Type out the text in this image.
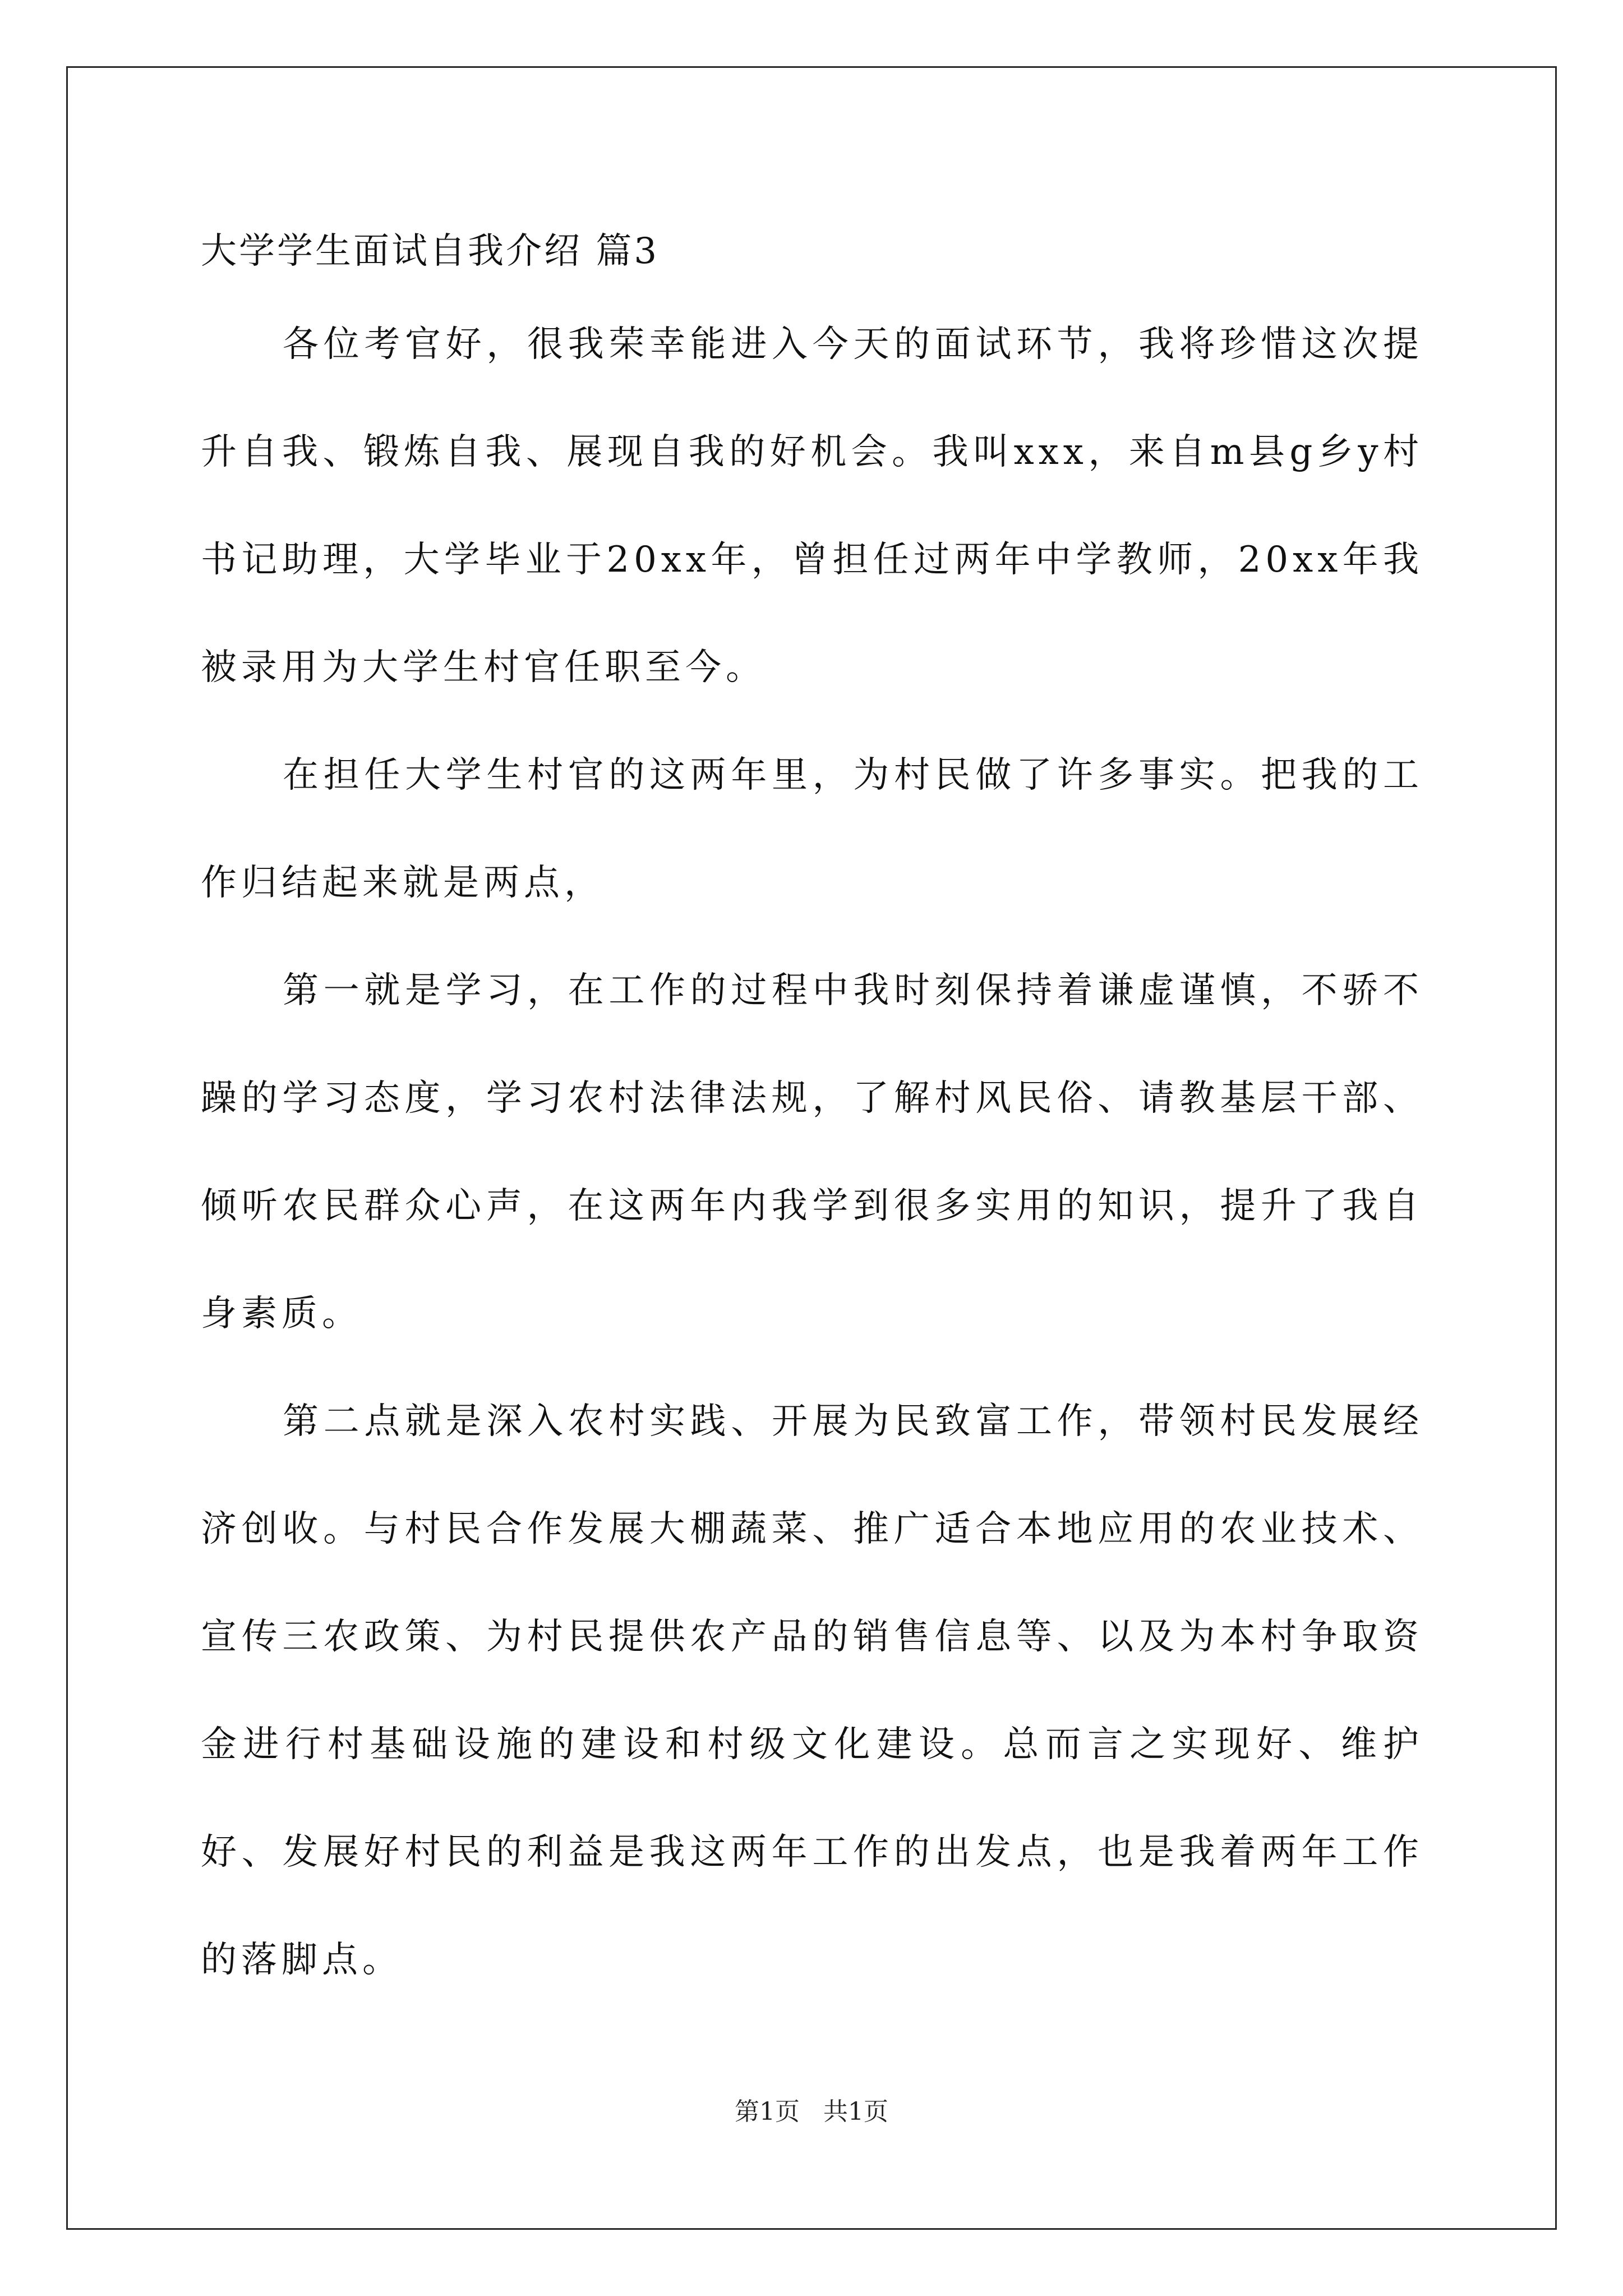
大学学生面试自我介绍 篇3

各位考官好，很我荣幸能进入今天的面试环节，我将珍惜这次提升自我、锻炼自我、展现自我的好机会。我叫xxx，来自m县g乡y村书记助理，大学毕业于20xx年，曾担任过两年中学教师，20xx年我被录用为大学生村官任职至今。

在担任大学生村官的这两年里，为村民做了许多事实。把我的工作归结起来就是两点，

第一就是学习，在工作的过程中我时刻保持着谦虚谨慎，不骄不躁的学习态度，学习农村法律法规，了解村风民俗、请教基层干部、倾听农民群众心声，在这两年内我学到很多实用的知识，提升了我自身素质。

第二点就是深入农村实践、开展为民致富工作，带领村民发展经济创收。与村民合作发展大棚蔬菜、推广适合本地应用的农业技术、宣传三农政策、为村民提供农产品的销售信息等、以及为本村争取资金进行村基础设施的建设和村级文化建设。总而言之实现好、维护好、发展好村民的利益是我这两年工作的出发点，也是我着两年工作的落脚点。

第1页   共1页
